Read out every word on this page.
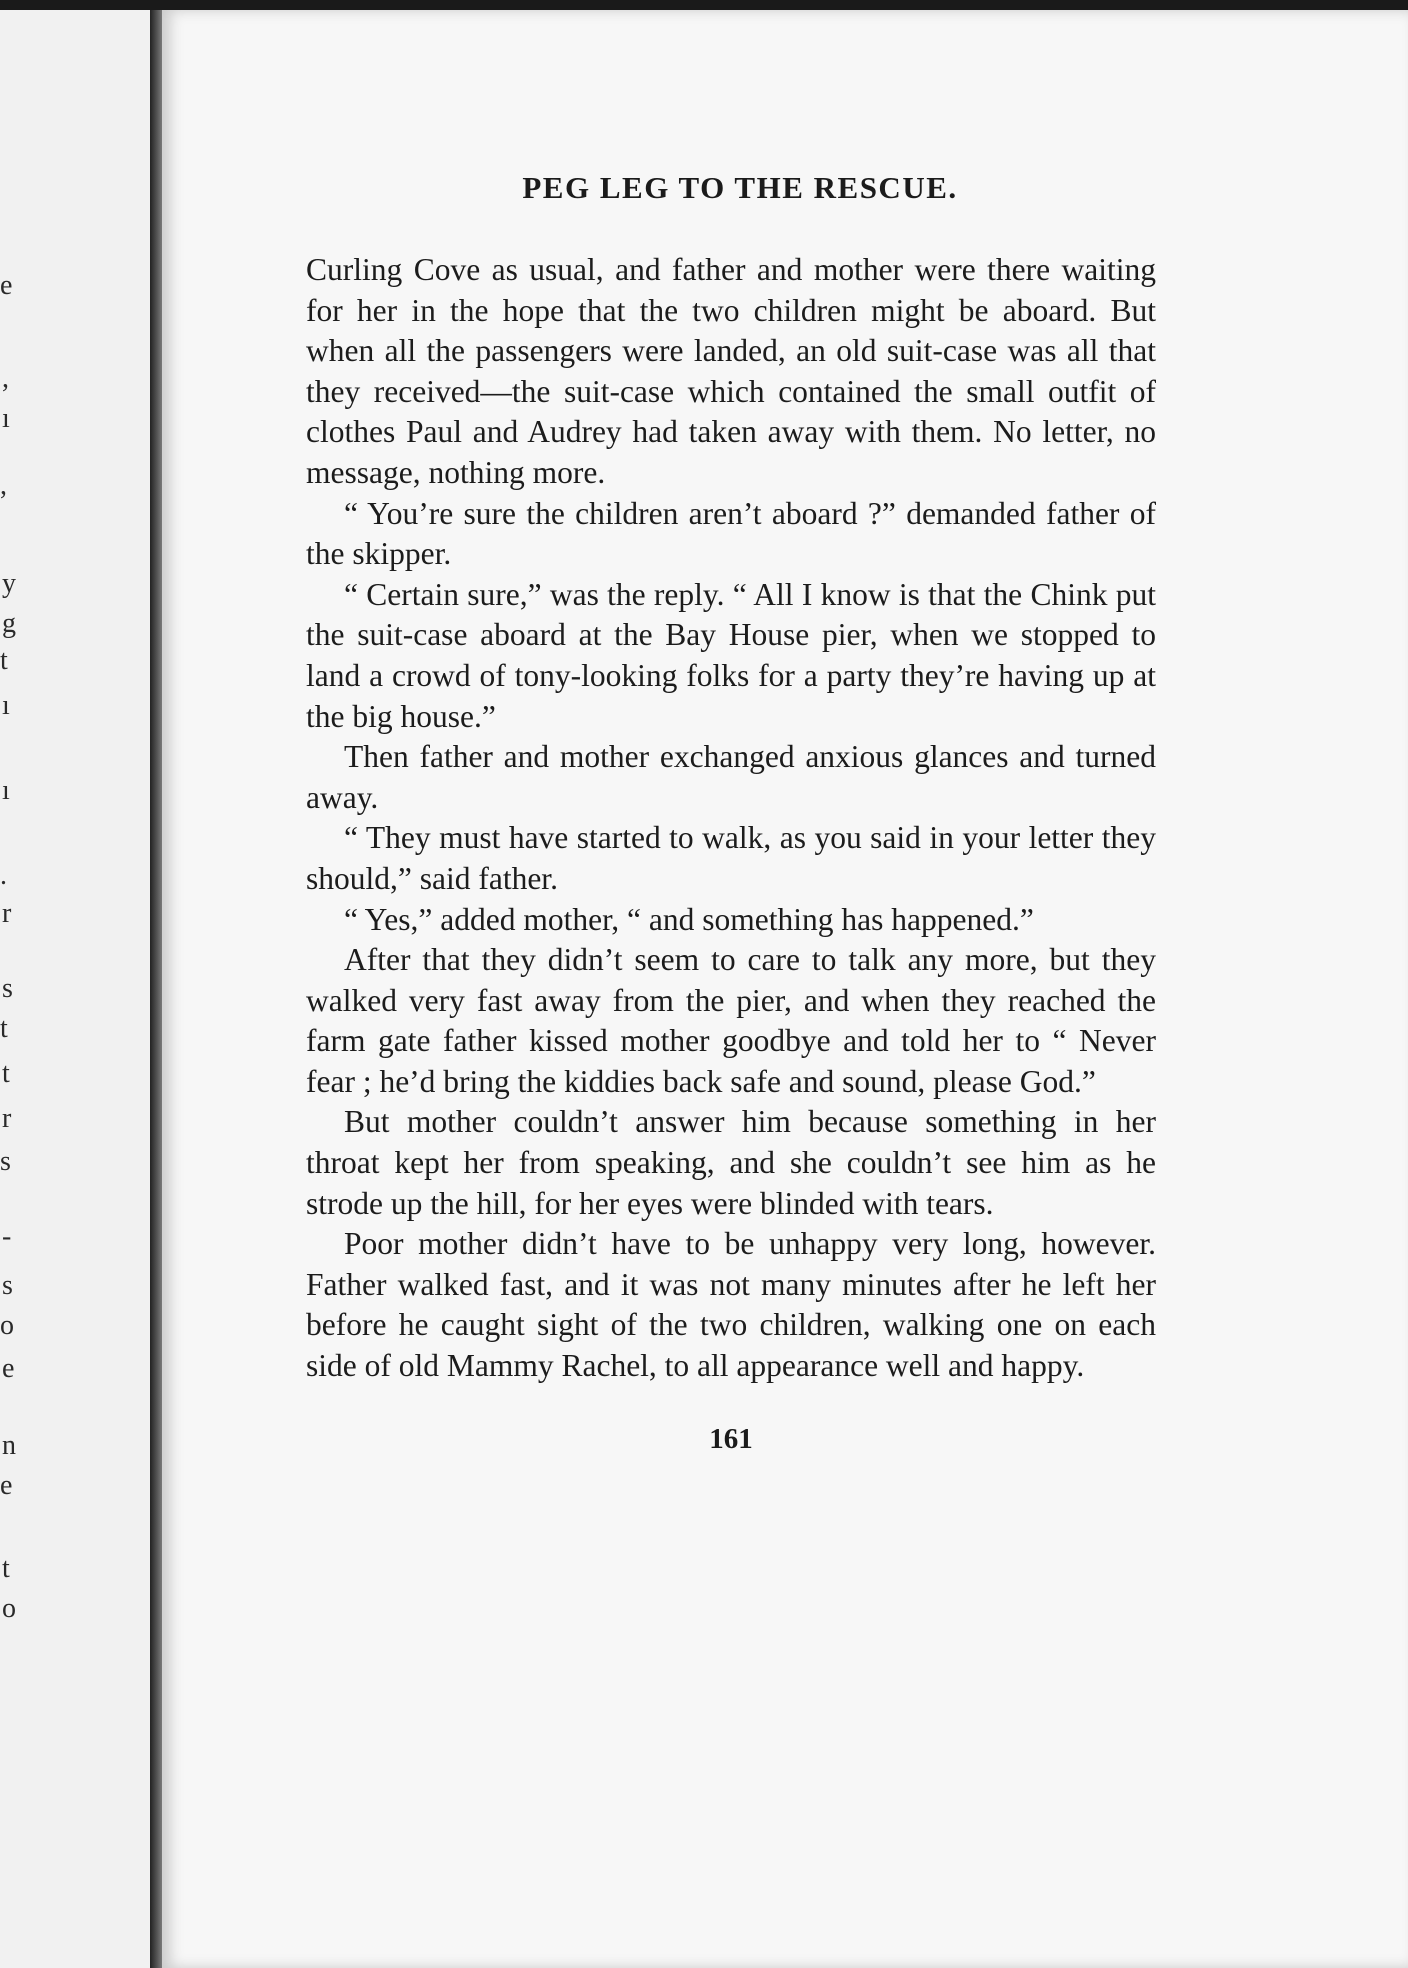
e
,
ı
,
y
g
t
ı
ı
.
r
s
t
t
r
s
-
s
o
e
n
e
t
o
PEG LEG TO THE RESCUE.

Curling Cove as usual, and father and mother were there waiting for her in the hope that the two children might be aboard. But when all the passengers were landed, an old suit-case was all that they received—the suit-case which contained the small outfit of clothes Paul and Audrey had taken away with them. No letter, no message, nothing more.

“ You’re sure the children aren’t aboard ?” demanded father of the skipper.

“ Certain sure,” was the reply. “ All I know is that the Chink put the suit-case aboard at the Bay House pier, when we stopped to land a crowd of tony-looking folks for a party they’re having up at the big house.”

Then father and mother exchanged anxious glances and turned away.

“ They must have started to walk, as you said in your letter they should,” said father.

“ Yes,” added mother, “ and something has happened.”

After that they didn’t seem to care to talk any more, but they walked very fast away from the pier, and when they reached the farm gate father kissed mother goodbye and told her to “ Never fear ; he’d bring the kiddies back safe and sound, please God.”

But mother couldn’t answer him because something in her throat kept her from speaking, and she couldn’t see him as he strode up the hill, for her eyes were blinded with tears.

Poor mother didn’t have to be unhappy very long, however. Father walked fast, and it was not many minutes after he left her before he caught sight of the two children, walking one on each side of old Mammy Rachel, to all appearance well and happy.

161
